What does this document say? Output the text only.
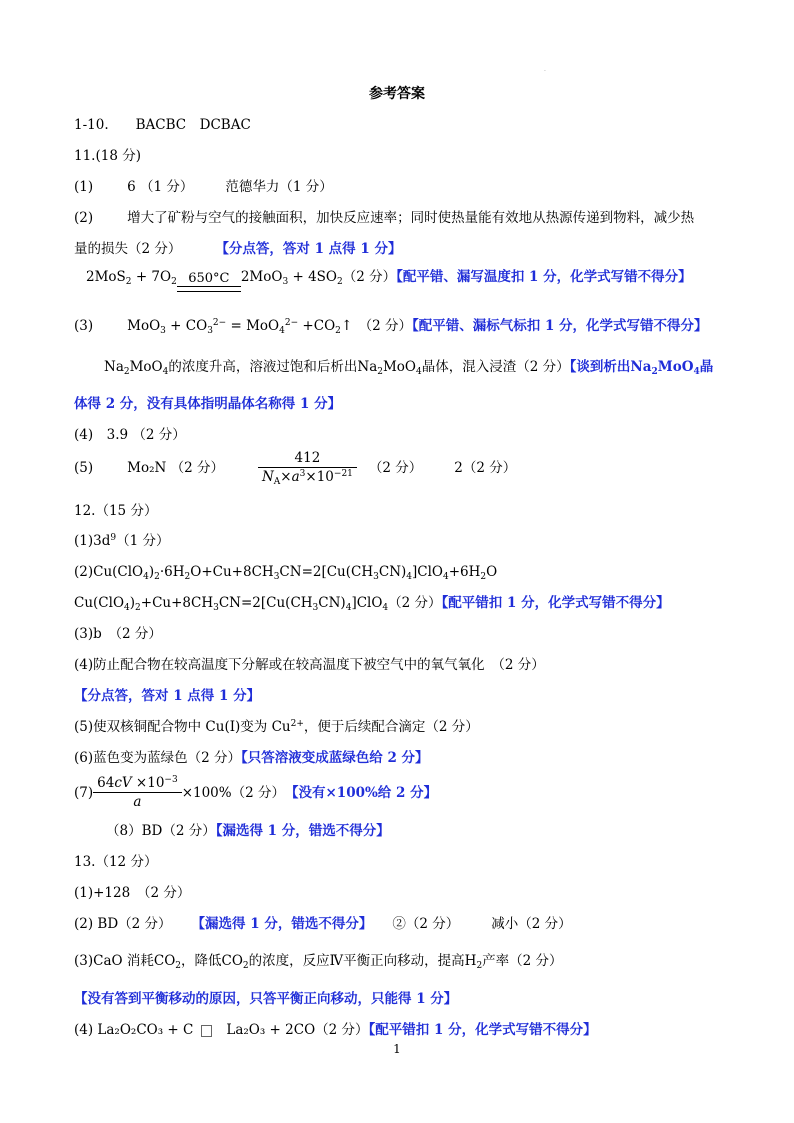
.
参考答案
1-10.　　BACBC　DCBAC
11.(18 分)
(1)	6 （1 分） 范德华力（1 分）
(2)	增大了矿粉与空气的接触面积，加快反应速率；同时使热量能有效地从热源传递到物料，减少热
量的损失（2 分）	【分点答，答对 1 点得 1 分】
$2MoS_2 + 7O_2$ 650°C $2MoO_3 + 4SO_2(2$ 分）【配平错、漏写温度扣 1 分，化学式写错不得分】
(3)	$MoO_3 + CO_3^{2-} = MoO_4^{2-}$ $+CO_2↑$ （2 分）【配平错、漏标气标扣 1 分，化学式写错不得分】
$Na_2MoO_4$的浓度升高，溶液过饱和后析出$Na_2MoO_4$晶体，混入浸渣（2 分）【谈到析出$Na_2MoO_4$晶
体得 2 分，没有具体指明晶体名称得 1 分】
(4)　3.9 （2 分）
(5)	Mo₂N （2 分）	$\frac{412}{N_A\times a^3\times 10^{-21}} (2$ 分） 2（2 分）
12.（15 分）
$(1)3d^9(1$ 分）
$(2)Cu(ClO_4)_2\cdot 6H_2O+Cu+8CH_3CN=2[Cu(CH_3CN)_4]ClO_4+6H_2O$
$Cu(ClO_4)_2+Cu+8CH_3CN=2[Cu(CH_3CN)_4]ClO_4(2$ 分）【配平错扣 1 分，化学式写错不得分】
(3)b　（2 分）
(4)防止配合物在较高温度下分解或在较高温度下被空气中的氧气氧化　（2 分）
【分点答，答对 1 点得 1 分】
(5)使双核铜配合物中 Cu(I)变为 $Cu^{2+}$，便于后续配合滴定（2 分）
(6)蓝色变为蓝绿色（2 分）【只答溶液变成蓝绿色给 2 分】
$(7) \frac{64cV \times 10^{-3}}{a} \times 100\%(2$ 分）【没有×100%给 2 分】
（8）BD（2 分）【漏选得 1 分，错选不得分】
13.（12 分）
(1)+128　（2 分）
(2) BD（2 分） 【漏选得 1 分，错选不得分】 ②（2 分） 减小（2 分）
(3)CaO 消耗$CO_2$，降低$CO_2$的浓度，反应Ⅳ平衡正向移动，提高$H_2$产率（2 分）
【没有答到平衡移动的原因，只答平衡正向移动，只能得 1 分】
(4) La₂O₂CO₃ + C La₂O₃ + 2CO（2 分）【配平错扣 1 分，化学式写错不得分】
1
